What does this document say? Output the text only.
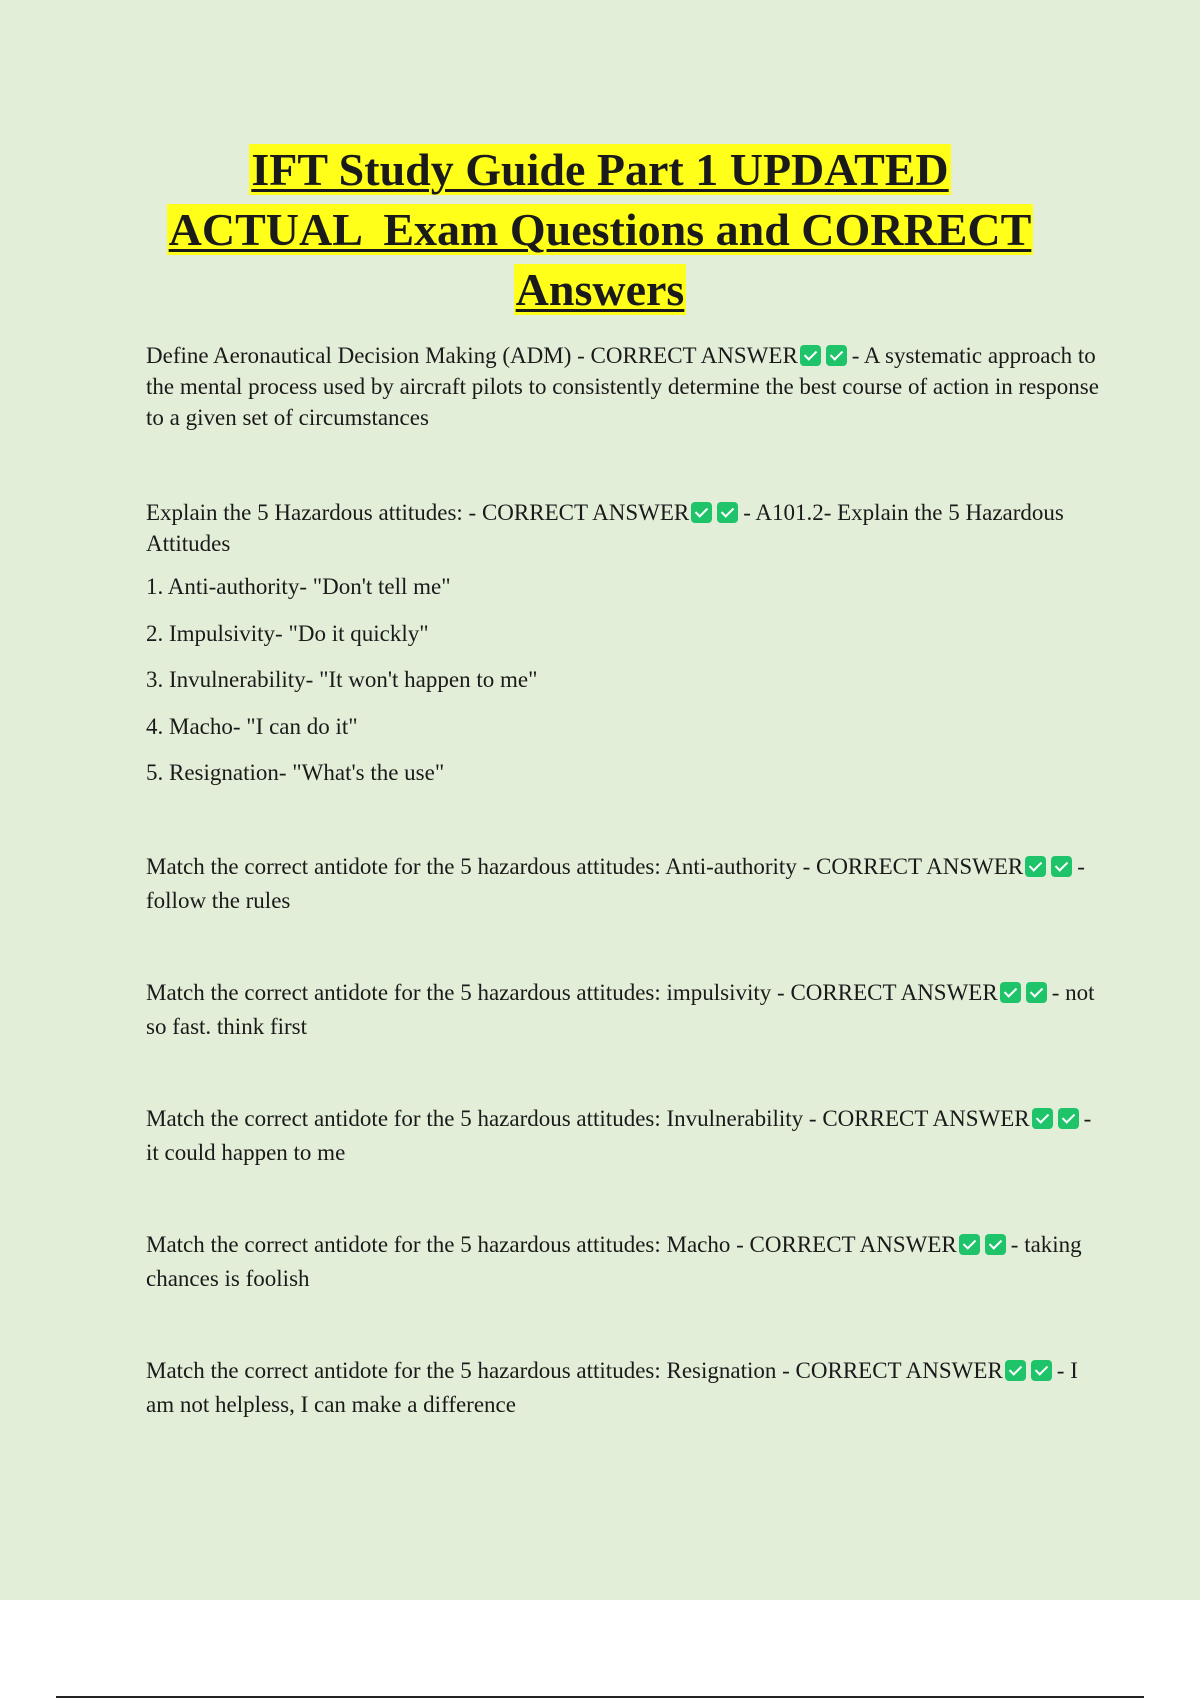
IFT Study Guide Part 1 UPDATED
ACTUAL  Exam Questions and CORRECT
Answers

Define Aeronautical Decision Making (ADM) - CORRECT ANSWER - A systematic approach to the mental process used by aircraft pilots to consistently determine the best course of action in response to a given set of circumstances

Explain the 5 Hazardous attitudes: - CORRECT ANSWER - A101.2- Explain the 5 Hazardous Attitudes

1. Anti-authority- "Don't tell me"

2. Impulsivity- "Do it quickly"

3. Invulnerability- "It won't happen to me"

4. Macho- "I can do it"

5. Resignation- "What's the use"

Match the correct antidote for the 5 hazardous attitudes: Anti-authority - CORRECT ANSWER - follow the rules

Match the correct antidote for the 5 hazardous attitudes: impulsivity - CORRECT ANSWER - not so fast. think first

Match the correct antidote for the 5 hazardous attitudes: Invulnerability - CORRECT ANSWER - it could happen to me

Match the correct antidote for the 5 hazardous attitudes: Macho - CORRECT ANSWER - taking chances is foolish

Match the correct antidote for the 5 hazardous attitudes: Resignation - CORRECT ANSWER - I am not helpless, I can make a difference
